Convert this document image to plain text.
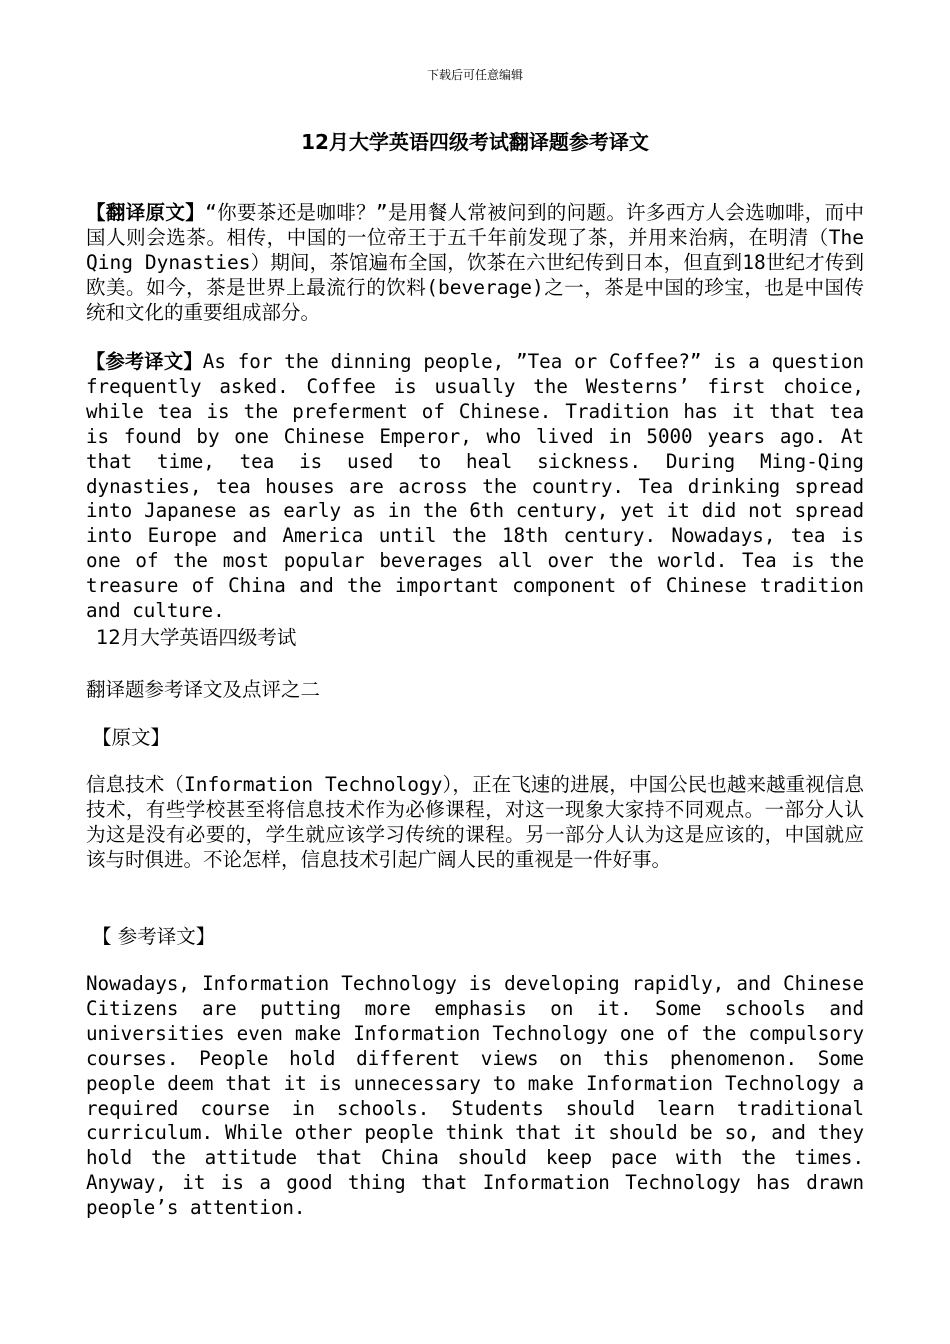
下载后可任意编辑
12月大学英语四级考试翻译题参考译文

【翻译原文】“你要茶还是咖啡？”是用餐人常被问到的问题。许多西方人会选咖啡，而中国人则会选茶。相传，中国的一位帝王于五千年前发现了茶，并用来治病，在明清（The Qing Dynasties）期间，茶馆遍布全国，饮茶在六世纪传到日本，但直到18世纪才传到欧美。如今，茶是世界上最流行的饮料(beverage)之一，茶是中国的珍宝，也是中国传统和文化的重要组成部分。

【参考译文】As for the dinning people, ”Tea or Coffee?” is a question frequently asked. Coffee is usually the Westerns’ first choice, while tea is the preferment of Chinese. Tradition has it that tea is found by one Chinese Emperor, who lived in 5000 years ago. At that time, tea is used to heal sickness. During Ming-Qing dynasties, tea houses are across the country. Tea drinking spread into Japanese as early as in the 6th century, yet it did not spread into Europe and America until the 18th century. Nowadays, tea is one of the most popular beverages all over the world. Tea is the treasure of China and the important component of Chinese tradition and culture.

12月大学英语四级考试
翻译题参考译文及点评之二
【原文】

信息技术（Information Technology），正在飞速的进展，中国公民也越来越重视信息技术，有些学校甚至将信息技术作为必修课程，对这一现象大家持不同观点。一部分人认为这是没有必要的，学生就应该学习传统的课程。另一部分人认为这是应该的，中国就应该与时俱进。不论怎样，信息技术引起广阔人民的重视是一件好事。

【 参考译文】

Nowadays, Information Technology is developing rapidly, and Chinese Citizens are putting more emphasis on it. Some schools and universities even make Information Technology one of the compulsory courses. People hold different views on this phenomenon. Some people deem that it is unnecessary to make Information Technology a required course in schools. Students should learn traditional curriculum. While other people think that it should be so, and they hold the attitude that China should keep pace with the times. Anyway, it is a good thing that Information Technology has drawn people’s attention.
